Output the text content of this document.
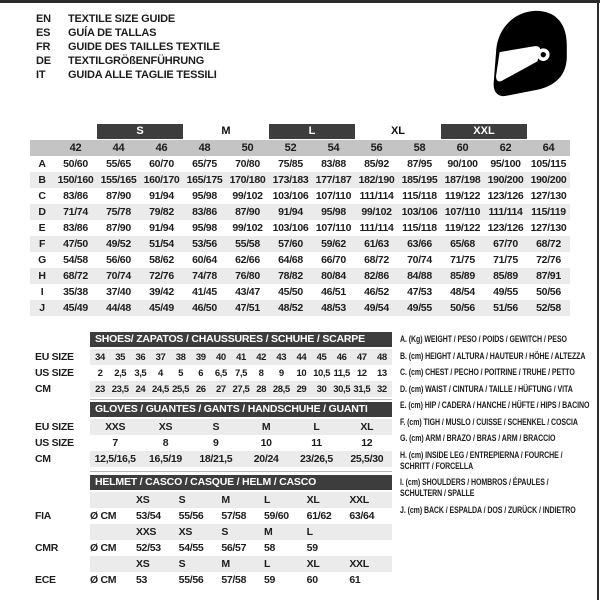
EN	TEXTILE SIZE GUIDE
ES	GUÍA DE TALLAS
FR	GUIDE DES TAILLES TEXTILE
DE	TEXTILGRÖßENFÜHRUNG
IT	GUIDA ALLE TAGLIE TESSILI
S	M	L	XL	XXL
42	44	46	48	50	52	54	56	58	60	62	64
A	50/60	55/65	60/70	65/75	70/80	75/85	83/88	85/92	87/95	90/100	95/100 105/115
B	150/160 155/165 160/170 165/175 170/180 173/183 177/187 182/190 185/195 187/198 190/200 190/200
C	83/86	87/90	91/94	95/98	99/102 103/106 107/110 111/114 115/118 119/122 123/126 127/130
D	71/74	75/78	79/82	83/86	87/90	91/94	95/98	99/102 103/106 107/110 111/114 115/119
E	83/86	87/90	91/94	95/98	99/102 103/106 107/110 111/114 115/118 119/122 123/126 127/130
F	47/50	49/52	51/54	53/56	55/58	57/60	59/62	61/63	63/66	65/68	67/70	68/72
G	54/58	56/60	58/62	60/64	62/66	64/68	66/70	68/72	70/74	71/75	71/75	72/76
H	68/72	70/74	72/76	74/78	76/80	78/82	80/84	82/86	84/88	85/89	85/89	87/91
I	35/38	37/40	39/42	41/45	43/47	45/50	46/51	46/52	47/53	48/54	49/55	50/56
J	45/49	44/48	45/49	46/50	47/51	48/52	48/53	49/54	49/55	50/56	51/56	52/58
SHOES/ ZAPATOS / CHAUSSURES / SCHUHE / SCARPE
EU SIZE	34	35	36	37	38	39	40	41	42	43	44	45	46	47	48
US SIZE	2	2,5 3,5	4	5	6	6,5 7,5	8	9	10 10,5 11,5 12	13
CM	23 23,5 24 24,5 25,5 26	27 27,5 28 28,5 29	30 30,5 31,5 32
GLOVES / GUANTES / GANTS / HANDSCHUHE / GUANTI
EU SIZE	XXS	XS	S	M	L	XL
US SIZE	7	8	9	10	11	12
CM	12,5/16,5	16,5/19	18/21,5	20/24	23/26,5	25,5/30
HELMET / CASCO / CASQUE / HELM / CASCO
XS	S	M	L	XL	XXL
FIA	Ø CM	53/54	55/56	57/58	59/60	61/62	63/64
XXS	XS	S	M	L
CMR	Ø CM	52/53	54/55	56/57	58	59
XS	S	M	L	XL	XXL
ECE	Ø CM	53	55/56	57/58	59	60	61
A. (Kg) WEIGHT / PESO / POIDS / GEWITCH / PESO
B. (cm) HEIGHT / ALTURA / HAUTEUR / HÖHE / ALTEZZA
C. (cm) CHEST / PECHO / POITRINE / TRUHE / PETTO
D. (cm) WAIST / CINTURA / TAILLE / HÜFTUNG / VITA
E. (cm) HIP / CADERA / HANCHE / HÜFTE / HIPS / BACINO
F. (cm) TIGH / MUSLO / CUISSE / SCHENKEL / COSCIA
G. (cm) ARM / BRAZO / BRAS / ARM / BRACCIO
H. (cm) INSIDE LEG / ENTREPIERNA / FOURCHE / SCHRITT / FORCELLA
I. (cm) SHOULDERS / HOMBROS / ÉPAULES / SCHULTERN / SPALLE
J. (cm) BACK / ESPALDA / DOS / ZURÜCK / INDIETRO
